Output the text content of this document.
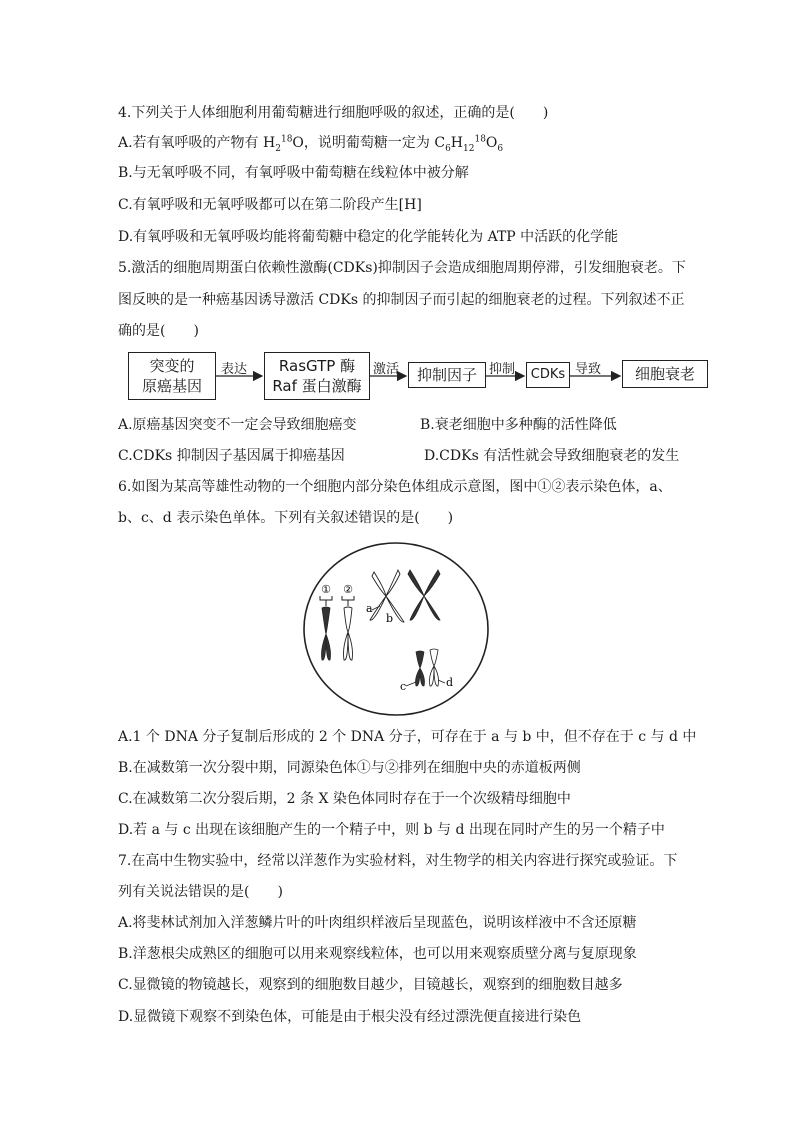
4.下列关于人体细胞利用葡萄糖进行细胞呼吸的叙述，正确的是(　　)
A.若有氧呼吸的产物有 $H_2^{18}O$，说明葡萄糖一定为 $C_6H_{12}^{18}O_6$
B.与无氧呼吸不同，有氧呼吸中葡萄糖在线粒体中被分解
C.有氧呼吸和无氧呼吸都可以在第二阶段产生[H]
D.有氧呼吸和无氧呼吸均能将葡萄糖中稳定的化学能转化为 ATP 中活跃的化学能
5.激活的细胞周期蛋白依赖性激酶(CDKs)抑制因子会造成细胞周期停滞，引发细胞衰老。下
图反映的是一种癌基因诱导激活 CDKs 的抑制因子而引起的细胞衰老的过程。下列叙述不正
确的是(　　)
突变的
原癌基因
表达 RasGTP 酶
Raf 蛋白激酶
激活 抑制因子 抑制 CDKs 导致 细胞衰老
A.原癌基因突变不一定会导致细胞癌变	B.衰老细胞中多种酶的活性降低
C.CDKs 抑制因子基因属于抑癌基因	D.CDKs 有活性就会导致细胞衰老的发生
6.如图为某高等雄性动物的一个细胞内部分染色体组成示意图，图中①②表示染色体，a、
b、c、d 表示染色单体。下列有关叙述错误的是(　　)
① ②
a
b
c	d
A.1 个 DNA 分子复制后形成的 2 个 DNA 分子，可存在于 a 与 b 中，但不存在于 c 与 d 中
B.在减数第一次分裂中期，同源染色体①与②排列在细胞中央的赤道板两侧
C.在减数第二次分裂后期，2 条 X 染色体同时存在于一个次级精母细胞中
D.若 a 与 c 出现在该细胞产生的一个精子中，则 b 与 d 出现在同时产生的另一个精子中
7.在高中生物实验中，经常以洋葱作为实验材料，对生物学的相关内容进行探究或验证。下
列有关说法错误的是(　　)
A.将斐林试剂加入洋葱鳞片叶的叶肉组织样液后呈现蓝色，说明该样液中不含还原糖
B.洋葱根尖成熟区的细胞可以用来观察线粒体，也可以用来观察质壁分离与复原现象
C.显微镜的物镜越长，观察到的细胞数目越少，目镜越长，观察到的细胞数目越多
D.显微镜下观察不到染色体，可能是由于根尖没有经过漂洗便直接进行染色
